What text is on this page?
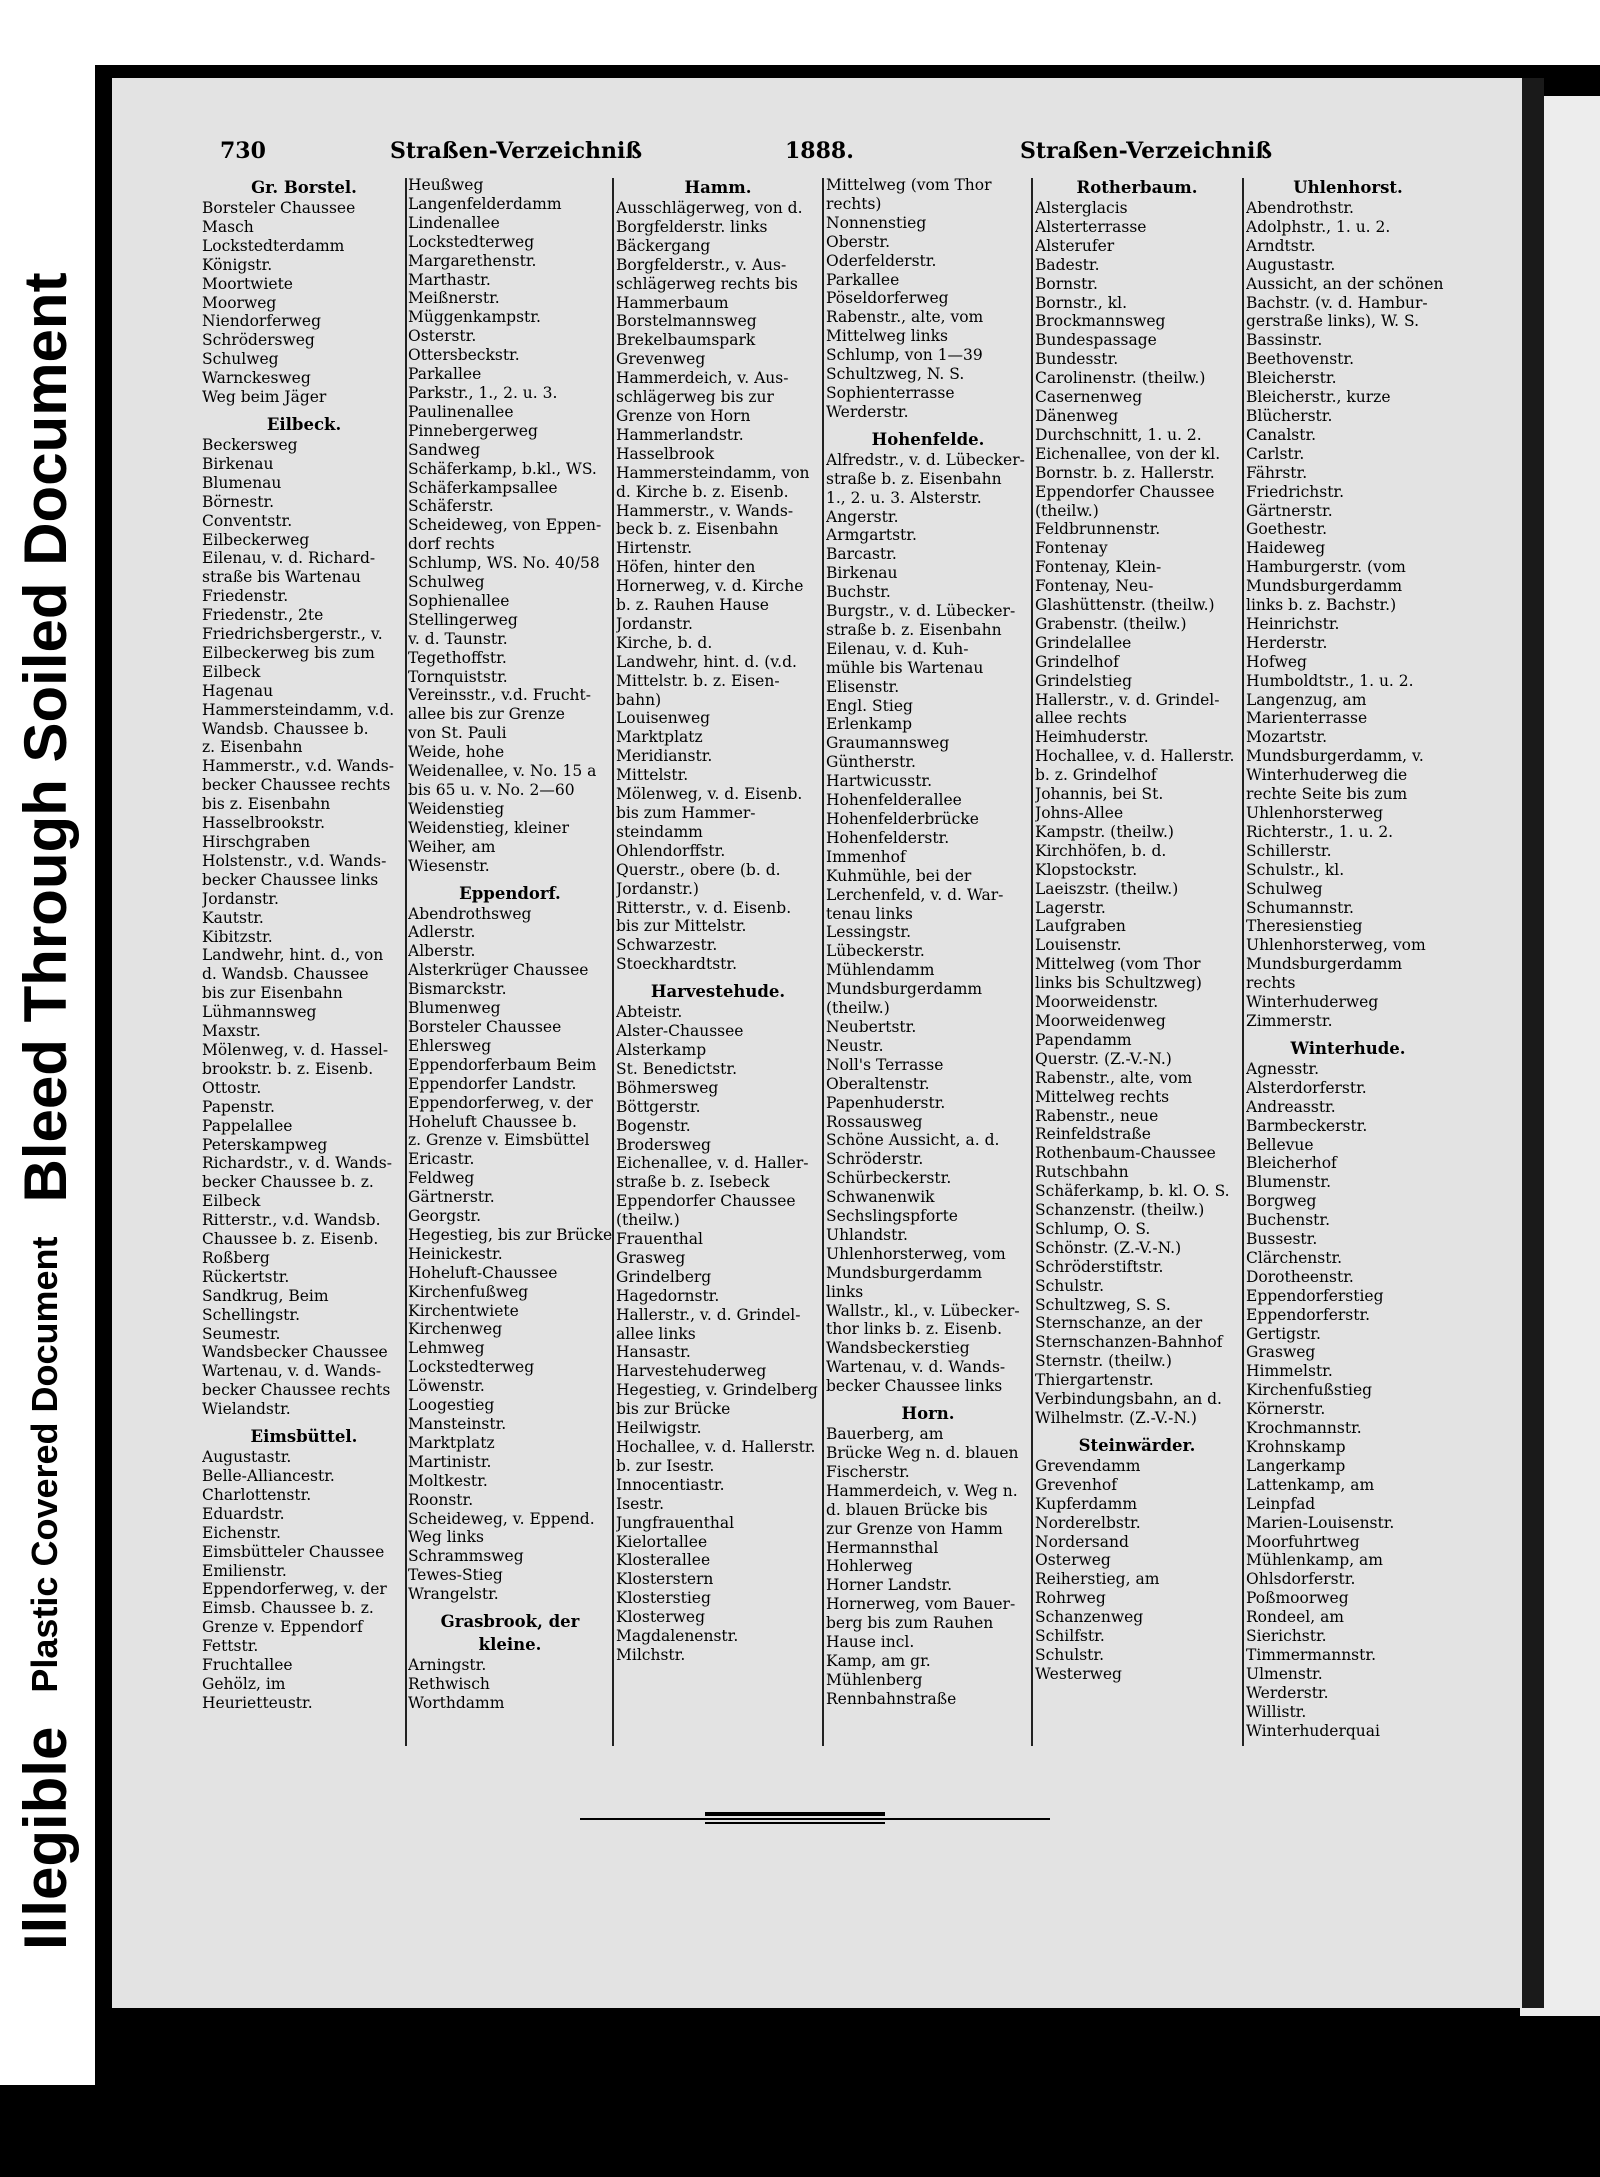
Illegible
Plastic Covered Document
Bleed Through Soiled Document
730	Straßen-Verzeichniß	1888.	Straßen-Verzeichniß
Gr. Borstel.
Borsteler Chaussee
Masch
Lockstedterdamm
Königstr.
Moortwiete
Moorweg
Niendorferweg
Schrödersweg
Schulweg
Warnckesweg
Weg beim Jäger
Eilbeck.
Beckersweg
Birkenau
Blumenau
Börnestr.
Conventstr.
Eilbeckerweg
Eilenau, v. d. Richard-
straße bis Wartenau
Friedenstr.
Friedenstr., 2te
Friedrichsbergerstr., v.
Eilbeckerweg bis zum
Eilbeck
Hagenau
Hammersteindamm, v.d.
Wandsb. Chaussee b.
z. Eisenbahn
Hammerstr., v.d. Wands-
becker Chaussee rechts
bis z. Eisenbahn
Hasselbrookstr.
Hirschgraben
Holstenstr., v.d. Wands-
becker Chaussee links
Jordanstr.
Kautstr.
Kibitzstr.
Landwehr, hint. d., von
d. Wandsb. Chaussee
bis zur Eisenbahn
Lühmannsweg
Maxstr.
Mölenweg, v. d. Hassel-
brookstr. b. z. Eisenb.
Ottostr.
Papenstr.
Pappelallee
Peterskampweg
Richardstr., v. d. Wands-
becker Chaussee b. z.
Eilbeck
Ritterstr., v.d. Wandsb.
Chaussee b. z. Eisenb.
Roßberg
Rückertstr.
Sandkrug, Beim
Schellingstr.
Seumestr.
Wandsbecker Chaussee
Wartenau, v. d. Wands-
becker Chaussee rechts
Wielandstr.
Eimsbüttel.
Augustastr.
Belle-Alliancestr.
Charlottenstr.
Eduardstr.
Eichenstr.
Eimsbütteler Chaussee
Emilienstr.
Eppendorferweg, v. der
Eimsb. Chaussee b. z.
Grenze v. Eppendorf
Fettstr.
Fruchtallee
Gehölz, im
Heurietteustr.
Heußweg
Langenfelderdamm
Lindenallee
Lockstedterweg
Margarethenstr.
Marthastr.
Meißnerstr.
Müggenkampstr.
Osterstr.
Ottersbeckstr.
Parkallee
Parkstr., 1., 2. u. 3.
Paulinenallee
Pinnebergerweg
Sandweg
Schäferkamp, b.kl., WS.
Schäferkampsallee
Schäferstr.
Scheideweg, von Eppen-
dorf rechts
Schlump, WS. No. 40/58
Schulweg
Sophienallee
Stellingerweg
v. d. Taunstr.
Tegethoffstr.
Tornquiststr.
Vereinsstr., v.d. Frucht-
allee bis zur Grenze
von St. Pauli
Weide, hohe
Weidenallee, v. No. 15 a
bis 65 u. v. No. 2—60
Weidenstieg
Weidenstieg, kleiner
Weiher, am
Wiesenstr.
Eppendorf.
Abendrothsweg
Adlerstr.
Alberstr.
Alsterkrüger Chaussee
Bismarckstr.
Blumenweg
Borsteler Chaussee
Ehlersweg
Eppendorferbaum Beim
Eppendorfer Landstr.
Eppendorferweg, v. der
Hoheluft Chaussee b.
z. Grenze v. Eimsbüttel
Ericastr.
Feldweg
Gärtnerstr.
Georgstr.
Hegestieg, bis zur Brücke
Heinickestr.
Hoheluft-Chaussee
Kirchenfußweg
Kirchentwiete
Kirchenweg
Lehmweg
Lockstedterweg
Löwenstr.
Loogestieg
Mansteinstr.
Marktplatz
Martinistr.
Moltkestr.
Roonstr.
Scheideweg, v. Eppend.
Weg links
Schrammsweg
Tewes-Stieg
Wrangelstr.
Grasbrook, der kleine.
Arningstr.
Rethwisch
Worthdamm
Hamm.
Ausschlägerweg, von d.
Borgfelderstr. links
Bäckergang
Borgfelderstr., v. Aus-
schlägerweg rechts bis
Hammerbaum
Borstelmannsweg
Brekelbaumspark
Grevenweg
Hammerdeich, v. Aus-
schlägerweg bis zur
Grenze von Horn
Hammerlandstr.
Hasselbrook
Hammersteindamm, von
d. Kirche b. z. Eisenb.
Hammerstr., v. Wands-
beck b. z. Eisenbahn
Hirtenstr.
Höfen, hinter den
Hornerweg, v. d. Kirche
b. z. Rauhen Hause
Jordanstr.
Kirche, b. d.
Landwehr, hint. d. (v.d.
Mittelstr. b. z. Eisen-
bahn)
Louisenweg
Marktplatz
Meridianstr.
Mittelstr.
Mölenweg, v. d. Eisenb.
bis zum Hammer-
steindamm
Ohlendorffstr.
Querstr., obere (b. d.
Jordanstr.)
Ritterstr., v. d. Eisenb.
bis zur Mittelstr.
Schwarzestr.
Stoeckhardtstr.
Harvestehude.
Abteistr.
Alster-Chaussee
Alsterkamp
St. Benedictstr.
Böhmersweg
Böttgerstr.
Bogenstr.
Brodersweg
Eichenallee, v. d. Haller-
straße b. z. Isebeck
Eppendorfer Chaussee
(theilw.)
Frauenthal
Grasweg
Grindelberg
Hagedornstr.
Hallerstr., v. d. Grindel-
allee links
Hansastr.
Harvestehuderweg
Hegestieg, v. Grindelberg
bis zur Brücke
Heilwigstr.
Hochallee, v. d. Hallerstr.
b. zur Isestr.
Innocentiastr.
Isestr.
Jungfrauenthal
Kielortallee
Klosterallee
Klosterstern
Klosterstieg
Klosterweg
Magdalenenstr.
Milchstr.
Mittelweg (vom Thor
rechts)
Nonnenstieg
Oberstr.
Oderfelderstr.
Parkallee
Pöseldorferweg
Rabenstr., alte, vom
Mittelweg links
Schlump, von 1—39
Schultzweg, N. S.
Sophienterrasse
Werderstr.
Hohenfelde.
Alfredstr., v. d. Lübecker-
straße b. z. Eisenbahn
1., 2. u. 3. Alsterstr.
Angerstr.
Armgartstr.
Barcastr.
Birkenau
Buchstr.
Burgstr., v. d. Lübecker-
straße b. z. Eisenbahn
Eilenau, v. d. Kuh-
mühle bis Wartenau
Elisenstr.
Engl. Stieg
Erlenkamp
Graumannsweg
Güntherstr.
Hartwicusstr.
Hohenfelderallee
Hohenfelderbrücke
Hohenfelderstr.
Immenhof
Kuhmühle, bei der
Lerchenfeld, v. d. War-
tenau links
Lessingstr.
Lübeckerstr.
Mühlendamm
Mundsburgerdamm
(theilw.)
Neubertstr.
Neustr.
Noll's Terrasse
Oberaltenstr.
Papenhuderstr.
Rossausweg
Schöne Aussicht, a. d.
Schröderstr.
Schürbeckerstr.
Schwanenwik
Sechslingspforte
Uhlandstr.
Uhlenhorsterweg, vom
Mundsburgerdamm
links
Wallstr., kl., v. Lübecker-
thor links b. z. Eisenb.
Wandsbeckerstieg
Wartenau, v. d. Wands-
becker Chaussee links
Horn.
Bauerberg, am
Brücke Weg n. d. blauen
Fischerstr.
Hammerdeich, v. Weg n.
d. blauen Brücke bis
zur Grenze von Hamm
Hermannsthal
Hohlerweg
Horner Landstr.
Hornerweg, vom Bauer-
berg bis zum Rauhen
Hause incl.
Kamp, am gr.
Mühlenberg
Rennbahnstraße
Rotherbaum.
Alsterglacis
Alsterterrasse
Alsterufer
Badestr.
Bornstr.
Bornstr., kl.
Brockmannsweg
Bundespassage
Bundesstr.
Carolinenstr. (theilw.)
Casernenweg
Dänenweg
Durchschnitt, 1. u. 2.
Eichenallee, von der kl.
Bornstr. b. z. Hallerstr.
Eppendorfer Chaussee
(theilw.)
Feldbrunnenstr.
Fontenay
Fontenay, Klein-
Fontenay, Neu-
Glashüttenstr. (theilw.)
Grabenstr. (theilw.)
Grindelallee
Grindelhof
Grindelstieg
Hallerstr., v. d. Grindel-
allee rechts
Heimhuderstr.
Hochallee, v. d. Hallerstr.
b. z. Grindelhof
Johannis, bei St.
Johns-Allee
Kampstr. (theilw.)
Kirchhöfen, b. d.
Klopstockstr.
Laeiszstr. (theilw.)
Lagerstr.
Laufgraben
Louisenstr.
Mittelweg (vom Thor
links bis Schultzweg)
Moorweidenstr.
Moorweidenweg
Papendamm
Querstr. (Z.-V.-N.)
Rabenstr., alte, vom
Mittelweg rechts
Rabenstr., neue
Reinfeldstraße
Rothenbaum-Chaussee
Rutschbahn
Schäferkamp, b. kl. O. S.
Schanzenstr. (theilw.)
Schlump, O. S.
Schönstr. (Z.-V.-N.)
Schröderstiftstr.
Schulstr.
Schultzweg, S. S.
Sternschanze, an der
Sternschanzen-Bahnhof
Sternstr. (theilw.)
Thiergartenstr.
Verbindungsbahn, an d.
Wilhelmstr. (Z.-V.-N.)
Steinwärder.
Grevendamm
Grevenhof
Kupferdamm
Norderelbstr.
Nordersand
Osterweg
Reiherstieg, am
Rohrweg
Schanzenweg
Schilfstr.
Schulstr.
Westerweg
Uhlenhorst.
Abendrothstr.
Adolphstr., 1. u. 2.
Arndtstr.
Augustastr.
Aussicht, an der schönen
Bachstr. (v. d. Hambur-
gerstraße links), W. S.
Bassinstr.
Beethovenstr.
Bleicherstr.
Bleicherstr., kurze
Blücherstr.
Canalstr.
Carlstr.
Fährstr.
Friedrichstr.
Gärtnerstr.
Goethestr.
Haideweg
Hamburgerstr. (vom
Mundsburgerdamm
links b. z. Bachstr.)
Heinrichstr.
Herderstr.
Hofweg
Humboldtstr., 1. u. 2.
Langenzug, am
Marienterrasse
Mozartstr.
Mundsburgerdamm, v.
Winterhuderweg die
rechte Seite bis zum
Uhlenhorsterweg
Richterstr., 1. u. 2.
Schillerstr.
Schulstr., kl.
Schulweg
Schumannstr.
Theresienstieg
Uhlenhorsterweg, vom
Mundsburgerdamm
rechts
Winterhuderweg
Zimmerstr.
Winterhude.
Agnesstr.
Alsterdorferstr.
Andreasstr.
Barmbeckerstr.
Bellevue
Bleicherhof
Blumenstr.
Borgweg
Buchenstr.
Bussestr.
Clärchenstr.
Dorotheenstr.
Eppendorferstieg
Eppendorferstr.
Gertigstr.
Grasweg
Himmelstr.
Kirchenfußstieg
Körnerstr.
Krochmannstr.
Krohnskamp
Langerkamp
Lattenkamp, am
Leinpfad
Marien-Louisenstr.
Moorfuhrtweg
Mühlenkamp, am
Ohlsdorferstr.
Poßmoorweg
Rondeel, am
Sierichstr.
Timmermannstr.
Ulmenstr.
Werderstr.
Willistr.
Winterhuderquai
